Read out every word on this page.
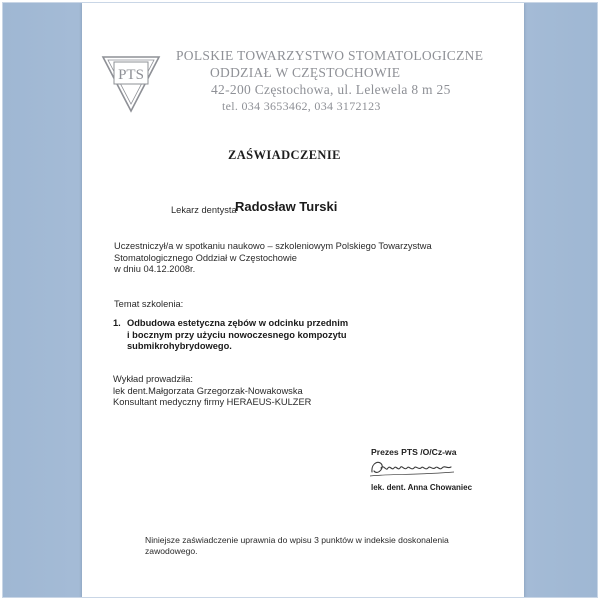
PTS
POLSKIE TOWARZYSTWO STOMATOLOGICZNE
ODDZIAŁ W CZĘSTOCHOWIE
42-200 Częstochowa, ul. Lelewela 8 m 25
tel. 034 3653462, 034 3172123
ZAŚWIADCZENIE
Lekarz dentysta
Radosław Turski
Uczestniczył/a w spotkaniu naukowo – szkoleniowym Polskiego Towarzystwa
Stomatologicznego Oddział w Częstochowie
w dniu 04.12.2008r.
Temat szkolenia:
1. Odbudowa estetyczna zębów w odcinku przednim
i bocznym przy użyciu nowoczesnego kompozytu
submikrohybrydowego.
Wykład prowadziła:
lek dent.Małgorzata Grzegorzak-Nowakowska
Konsultant medyczny firmy HERAEUS-KULZER
Prezes PTS /O/Cz-wa
lek. dent. Anna Chowaniec
Niniejsze zaświadczenie uprawnia do wpisu 3 punktów w indeksie doskonalenia
zawodowego.
